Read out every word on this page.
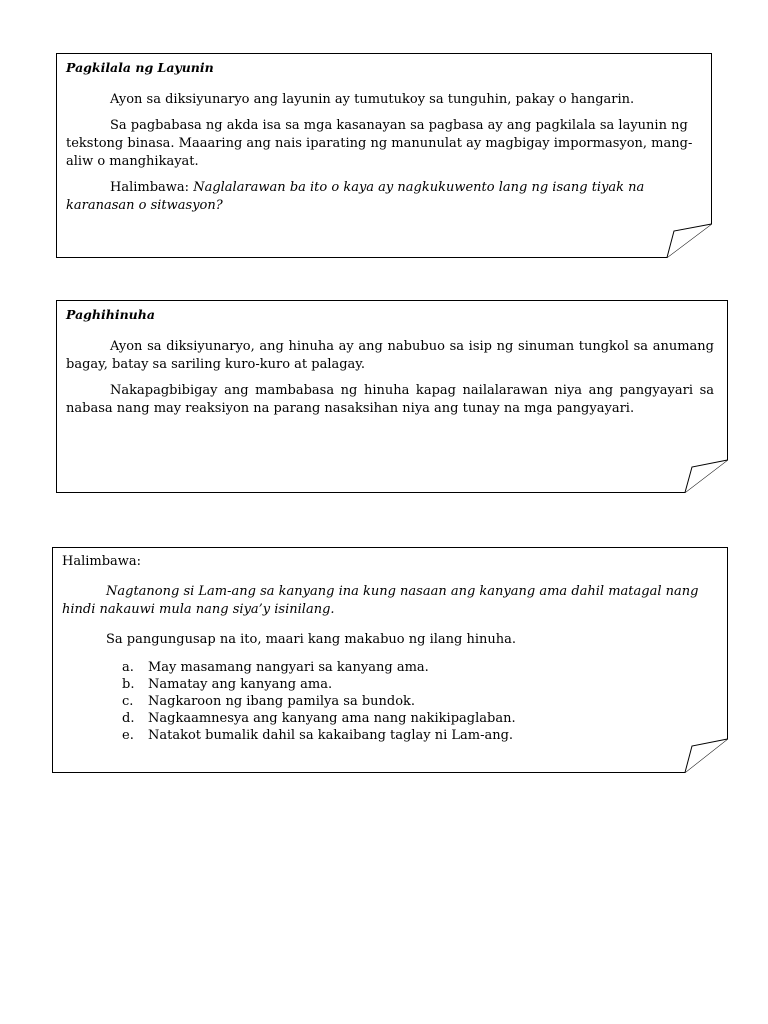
Pagkilala ng Layunin

Ayon sa diksiyunaryo ang layunin ay tumutukoy sa tunguhin, pakay o hangarin.

Sa pagbabasa ng akda isa sa mga kasanayan sa pagbasa ay ang pagkilala sa layunin ng tekstong binasa. Maaaring ang nais iparating ng manunulat ay magbigay impormasyon, mang-aliw o manghikayat.

Halimbawa: Naglalarawan ba ito o kaya ay nagkukuwento lang ng isang tiyak na karanasan o sitwasyon?

Paghihinuha

Ayon sa diksiyunaryo, ang hinuha ay ang nabubuo sa isip ng sinuman tungkol sa anumang bagay, batay sa sariling kuro-kuro at palagay.

Nakapagbibigay ang mambabasa ng hinuha kapag nailalarawan niya ang pangyayari sa nabasa nang may reaksiyon na parang nasaksihan niya ang tunay na mga pangyayari.

Halimbawa:

Nagtanong si Lam-ang sa kanyang ina kung nasaan ang kanyang ama dahil matagal nang hindi nakauwi mula nang siya’y isinilang.

Sa pangungusap na ito, maari kang makabuo ng ilang hinuha.

a.	May masamang nangyari sa kanyang ama.
b.	Namatay ang kanyang ama.
c.	Nagkaroon ng ibang pamilya sa bundok.
d.	Nagkaamnesya ang kanyang ama nang nakikipaglaban.
e.	Natakot bumalik dahil sa kakaibang taglay ni Lam-ang.
